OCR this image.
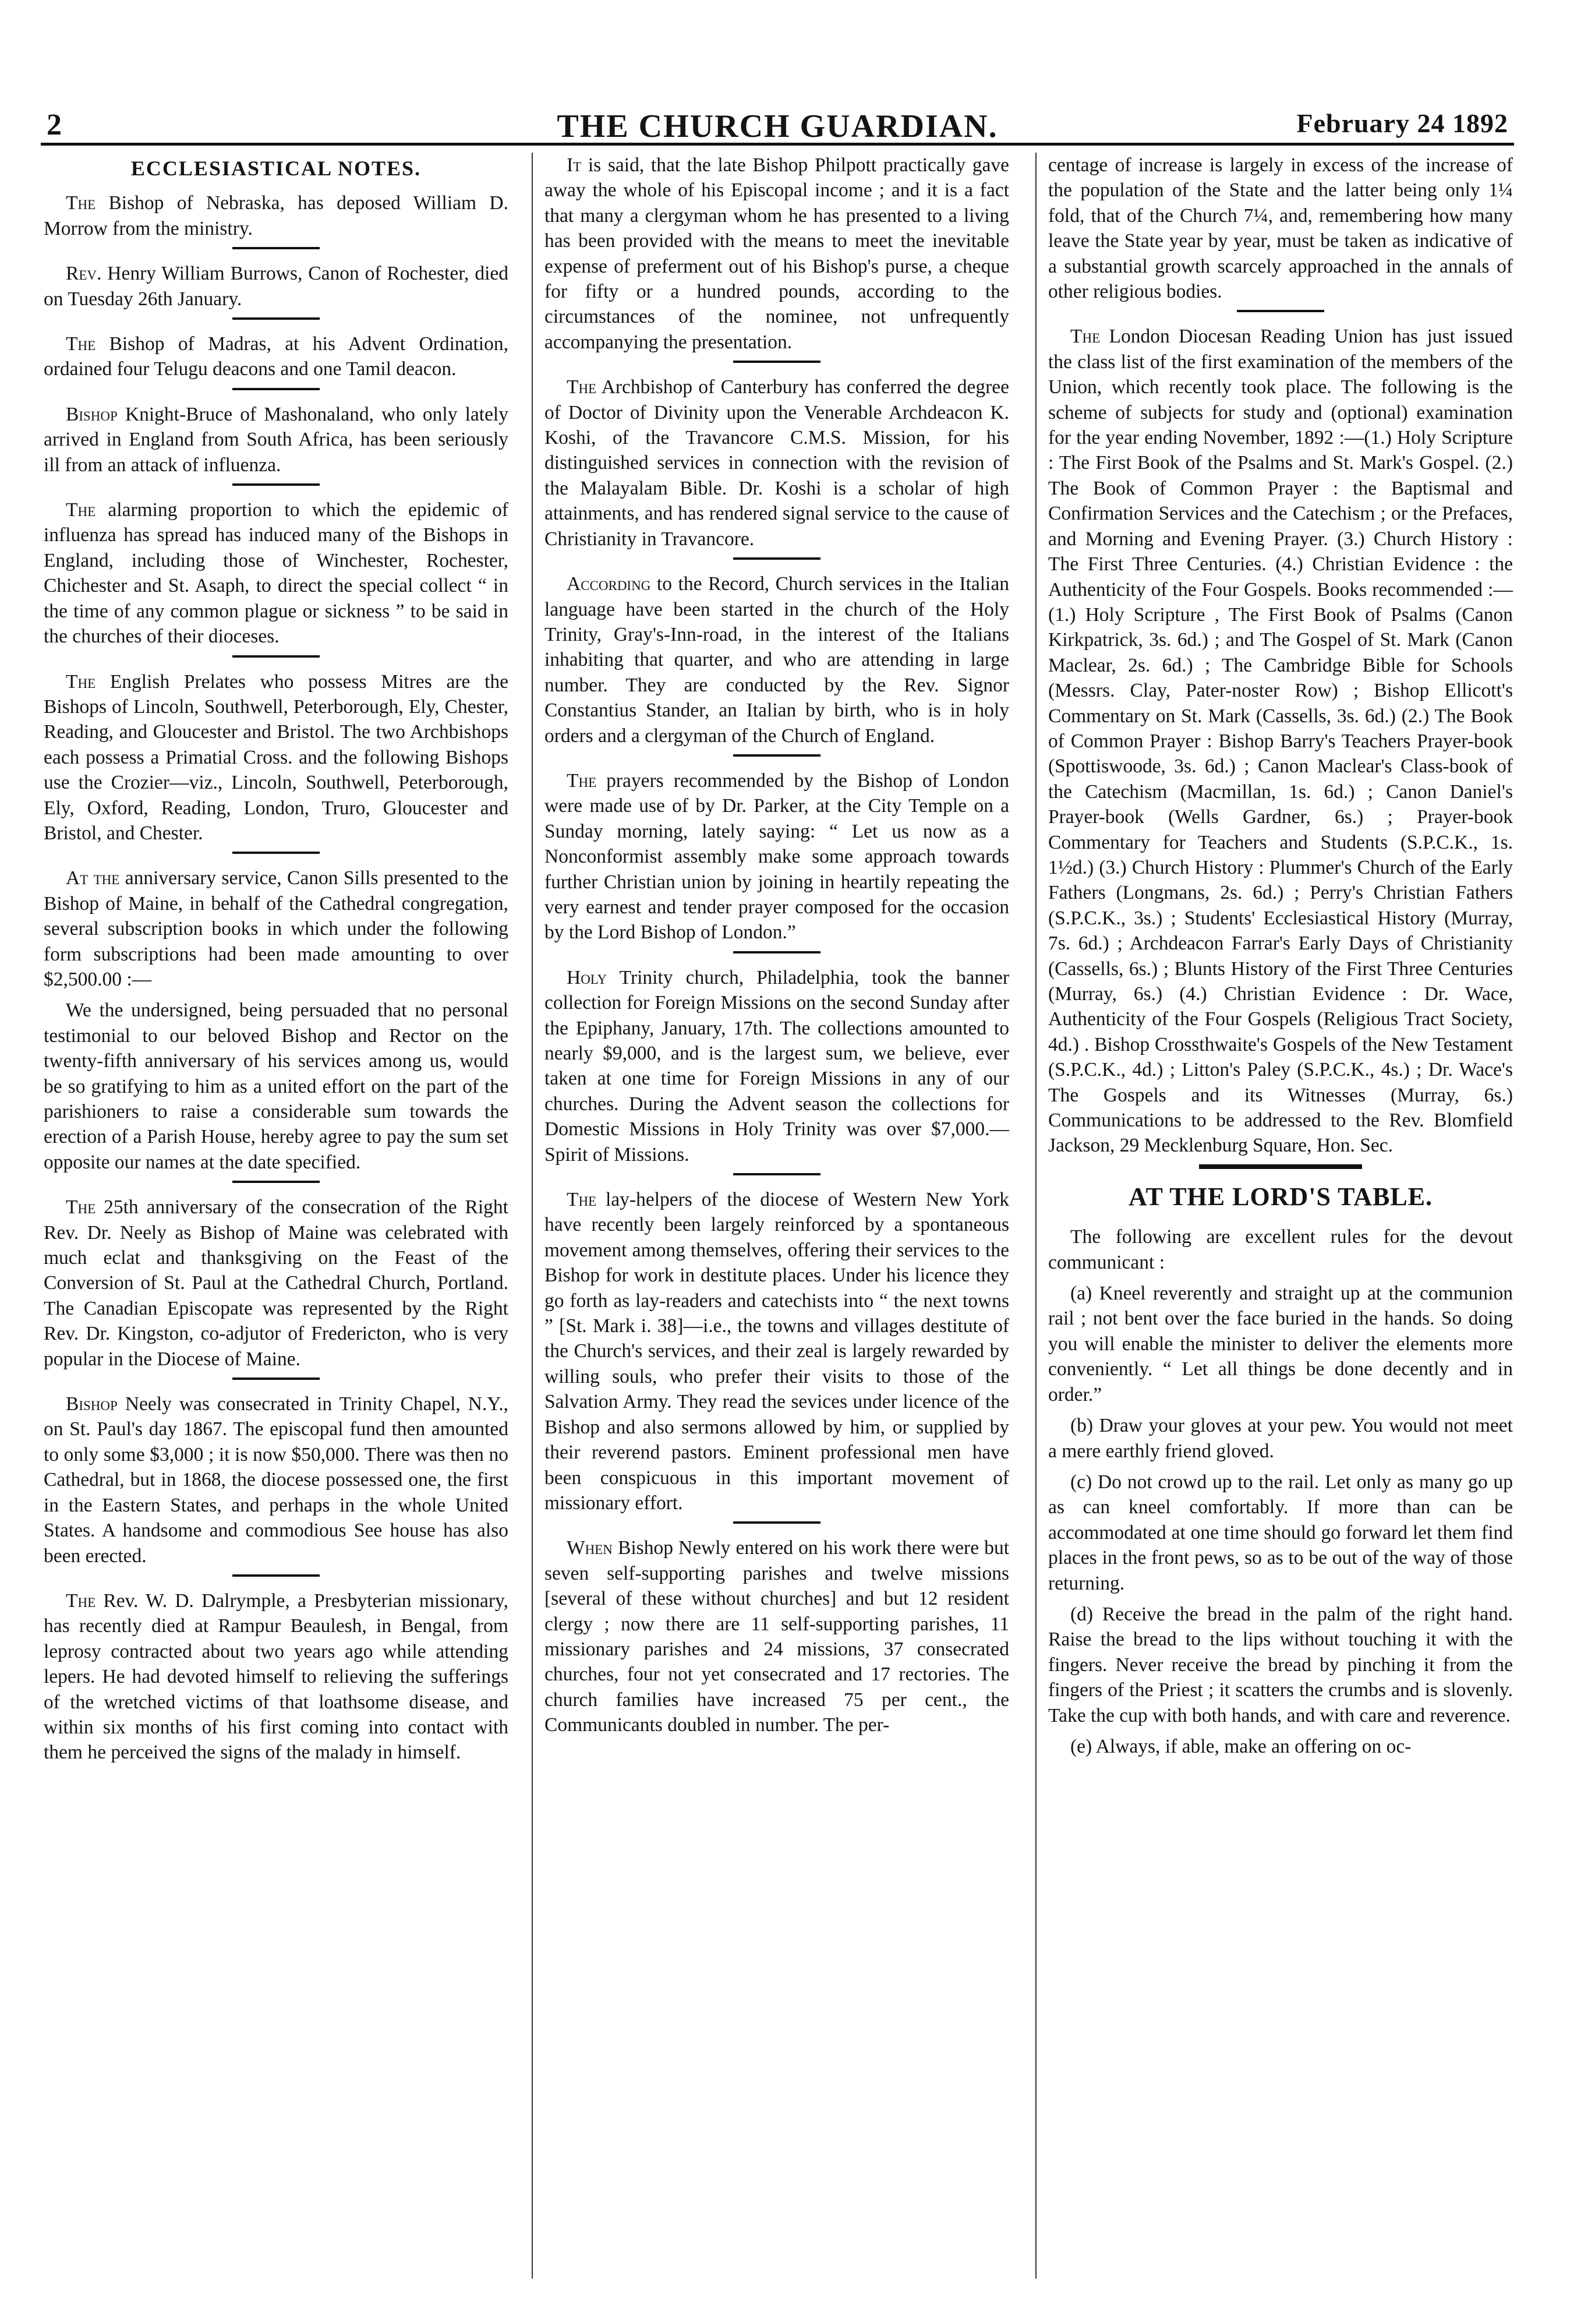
2	THE CHURCH GUARDIAN.	February 24 1892
ECCLESIASTICAL NOTES.

The Bishop of Nebraska, has deposed William D. Morrow from the ministry.

Rev. Henry William Burrows, Canon of Rochester, died on Tuesday 26th January.

The Bishop of Madras, at his Advent Ordination, ordained four Telugu deacons and one Tamil deacon.

Bishop Knight-Bruce of Mashonaland, who only lately arrived in England from South Africa, has been seriously ill from an attack of influenza.

The alarming proportion to which the epidemic of influenza has spread has induced many of the Bishops in England, including those of Winchester, Rochester, Chichester and St. Asaph, to direct the special collect “ in the time of any common plague or sickness ” to be said in the churches of their dioceses.

The English Prelates who possess Mitres are the Bishops of Lincoln, Southwell, Peterborough, Ely, Chester, Reading, and Gloucester and Bristol. The two Archbishops each possess a Primatial Cross. and the following Bishops use the Crozier—viz., Lincoln, Southwell, Peterborough, Ely, Oxford, Reading, London, Truro, Gloucester and Bristol, and Chester.

At the anniversary service, Canon Sills presented to the Bishop of Maine, in behalf of the Cathedral congregation, several subscription books in which under the following form subscriptions had been made amounting to over $2,500.00 :—

We the undersigned, being persuaded that no personal testimonial to our beloved Bishop and Rector on the twenty-fifth anniversary of his services among us, would be so gratifying to him as a united effort on the part of the parishioners to raise a considerable sum towards the erection of a Parish House, hereby agree to pay the sum set opposite our names at the date specified.

The 25th anniversary of the consecration of the Right Rev. Dr. Neely as Bishop of Maine was celebrated with much eclat and thanksgiving on the Feast of the Conversion of St. Paul at the Cathedral Church, Portland. The Canadian Episcopate was represented by the Right Rev. Dr. Kingston, co-adjutor of Fredericton, who is very popular in the Diocese of Maine.

Bishop Neely was consecrated in Trinity Chapel, N.Y., on St. Paul's day 1867. The episcopal fund then amounted to only some $3,000 ; it is now $50,000. There was then no Cathedral, but in 1868, the diocese possessed one, the first in the Eastern States, and perhaps in the whole United States. A handsome and commodious See house has also been erected.

The Rev. W. D. Dalrymple, a Presbyterian missionary, has recently died at Rampur Beaulesh, in Bengal, from leprosy contracted about two years ago while attending lepers. He had devoted himself to relieving the sufferings of the wretched victims of that loathsome disease, and within six months of his first coming into contact with them he perceived the signs of the malady in himself.

It is said, that the late Bishop Philpott practically gave away the whole of his Episcopal income ; and it is a fact that many a clergyman whom he has presented to a living has been provided with the means to meet the inevitable expense of preferment out of his Bishop's purse, a cheque for fifty or a hundred pounds, according to the circumstances of the nominee, not unfrequently accompanying the presentation.

The Archbishop of Canterbury has conferred the degree of Doctor of Divinity upon the Venerable Archdeacon K. Koshi, of the Travancore C.M.S. Mission, for his distinguished services in connection with the revision of the Malayalam Bible. Dr. Koshi is a scholar of high attainments, and has rendered signal service to the cause of Christianity in Travancore.

According to the Record, Church services in the Italian language have been started in the church of the Holy Trinity, Gray's-Inn-road, in the interest of the Italians inhabiting that quarter, and who are attending in large number. They are conducted by the Rev. Signor Constantius Stander, an Italian by birth, who is in holy orders and a clergyman of the Church of England.

The prayers recommended by the Bishop of London were made use of by Dr. Parker, at the City Temple on a Sunday morning, lately saying: “ Let us now as a Nonconformist assembly make some approach towards further Christian union by joining in heartily repeating the very earnest and tender prayer composed for the occasion by the Lord Bishop of London.”

Holy Trinity church, Philadelphia, took the banner collection for Foreign Missions on the second Sunday after the Epiphany, January, 17th. The collections amounted to nearly $9,000, and is the largest sum, we believe, ever taken at one time for Foreign Missions in any of our churches. During the Advent season the collections for Domestic Missions in Holy Trinity was over $7,000.—Spirit of Missions.

The lay-helpers of the diocese of Western New York have recently been largely reinforced by a spontaneous movement among themselves, offering their services to the Bishop for work in destitute places. Under his licence they go forth as lay-readers and catechists into “ the next towns ” [St. Mark i. 38]—i.e., the towns and villages destitute of the Church's services, and their zeal is largely rewarded by willing souls, who prefer their visits to those of the Salvation Army. They read the sevices under licence of the Bishop and also sermons allowed by him, or supplied by their reverend pastors. Eminent professional men have been conspicuous in this important movement of missionary effort.

When Bishop Newly entered on his work there were but seven self-supporting parishes and twelve missions [several of these without churches] and but 12 resident clergy ; now there are 11 self-supporting parishes, 11 missionary parishes and 24 missions, 37 consecrated churches, four not yet consecrated and 17 rectories. The church families have increased 75 per cent., the Communicants doubled in number. The per-

centage of increase is largely in excess of the increase of the population of the State and the latter being only 1¼ fold, that of the Church 7¼, and, remembering how many leave the State year by year, must be taken as indicative of a substantial growth scarcely approached in the annals of other religious bodies.

The London Diocesan Reading Union has just issued the class list of the first examination of the members of the Union, which recently took place. The following is the scheme of subjects for study and (optional) examination for the year ending November, 1892 :—(1.) Holy Scripture : The First Book of the Psalms and St. Mark's Gospel. (2.) The Book of Common Prayer : the Baptismal and Confirmation Services and the Catechism ; or the Prefaces, and Morning and Evening Prayer. (3.) Church History : The First Three Centuries. (4.) Christian Evidence : the Authenticity of the Four Gospels. Books recommended :—(1.) Holy Scripture , The First Book of Psalms (Canon Kirkpatrick, 3s. 6d.) ; and The Gospel of St. Mark (Canon Maclear, 2s. 6d.) ; The Cambridge Bible for Schools (Messrs. Clay, Pater-noster Row) ; Bishop Ellicott's Commentary on St. Mark (Cassells, 3s. 6d.) (2.) The Book of Common Prayer : Bishop Barry's Teachers Prayer-book (Spottiswoode, 3s. 6d.) ; Canon Maclear's Class-book of the Catechism (Macmillan, 1s. 6d.) ; Canon Daniel's Prayer-book (Wells Gardner, 6s.) ; Prayer-book Commentary for Teachers and Students (S.P.C.K., 1s. 1½d.) (3.) Church History : Plummer's Church of the Early Fathers (Longmans, 2s. 6d.) ; Perry's Christian Fathers (S.P.C.K., 3s.) ; Students' Ecclesiastical History (Murray, 7s. 6d.) ; Archdeacon Farrar's Early Days of Christianity (Cassells, 6s.) ; Blunts History of the First Three Centuries (Murray, 6s.) (4.) Christian Evidence : Dr. Wace, Authenticity of the Four Gospels (Religious Tract Society, 4d.) . Bishop Crossthwaite's Gospels of the New Testament (S.P.C.K., 4d.) ; Litton's Paley (S.P.C.K., 4s.) ; Dr. Wace's The Gospels and its Witnesses (Murray, 6s.) Communications to be addressed to the Rev. Blomfield Jackson, 29 Mecklenburg Square, Hon. Sec.

AT THE LORD'S TABLE.

The following are excellent rules for the devout communicant :

(a) Kneel reverently and straight up at the communion rail ; not bent over the face buried in the hands. So doing you will enable the minister to deliver the elements more conveniently. “ Let all things be done decently and in order.”

(b) Draw your gloves at your pew. You would not meet a mere earthly friend gloved.

(c) Do not crowd up to the rail. Let only as many go up as can kneel comfortably. If more than can be accommodated at one time should go forward let them find places in the front pews, so as to be out of the way of those returning.

(d) Receive the bread in the palm of the right hand. Raise the bread to the lips without touching it with the fingers. Never receive the bread by pinching it from the fingers of the Priest ; it scatters the crumbs and is slovenly. Take the cup with both hands, and with care and reverence.

(e) Always, if able, make an offering on oc-
